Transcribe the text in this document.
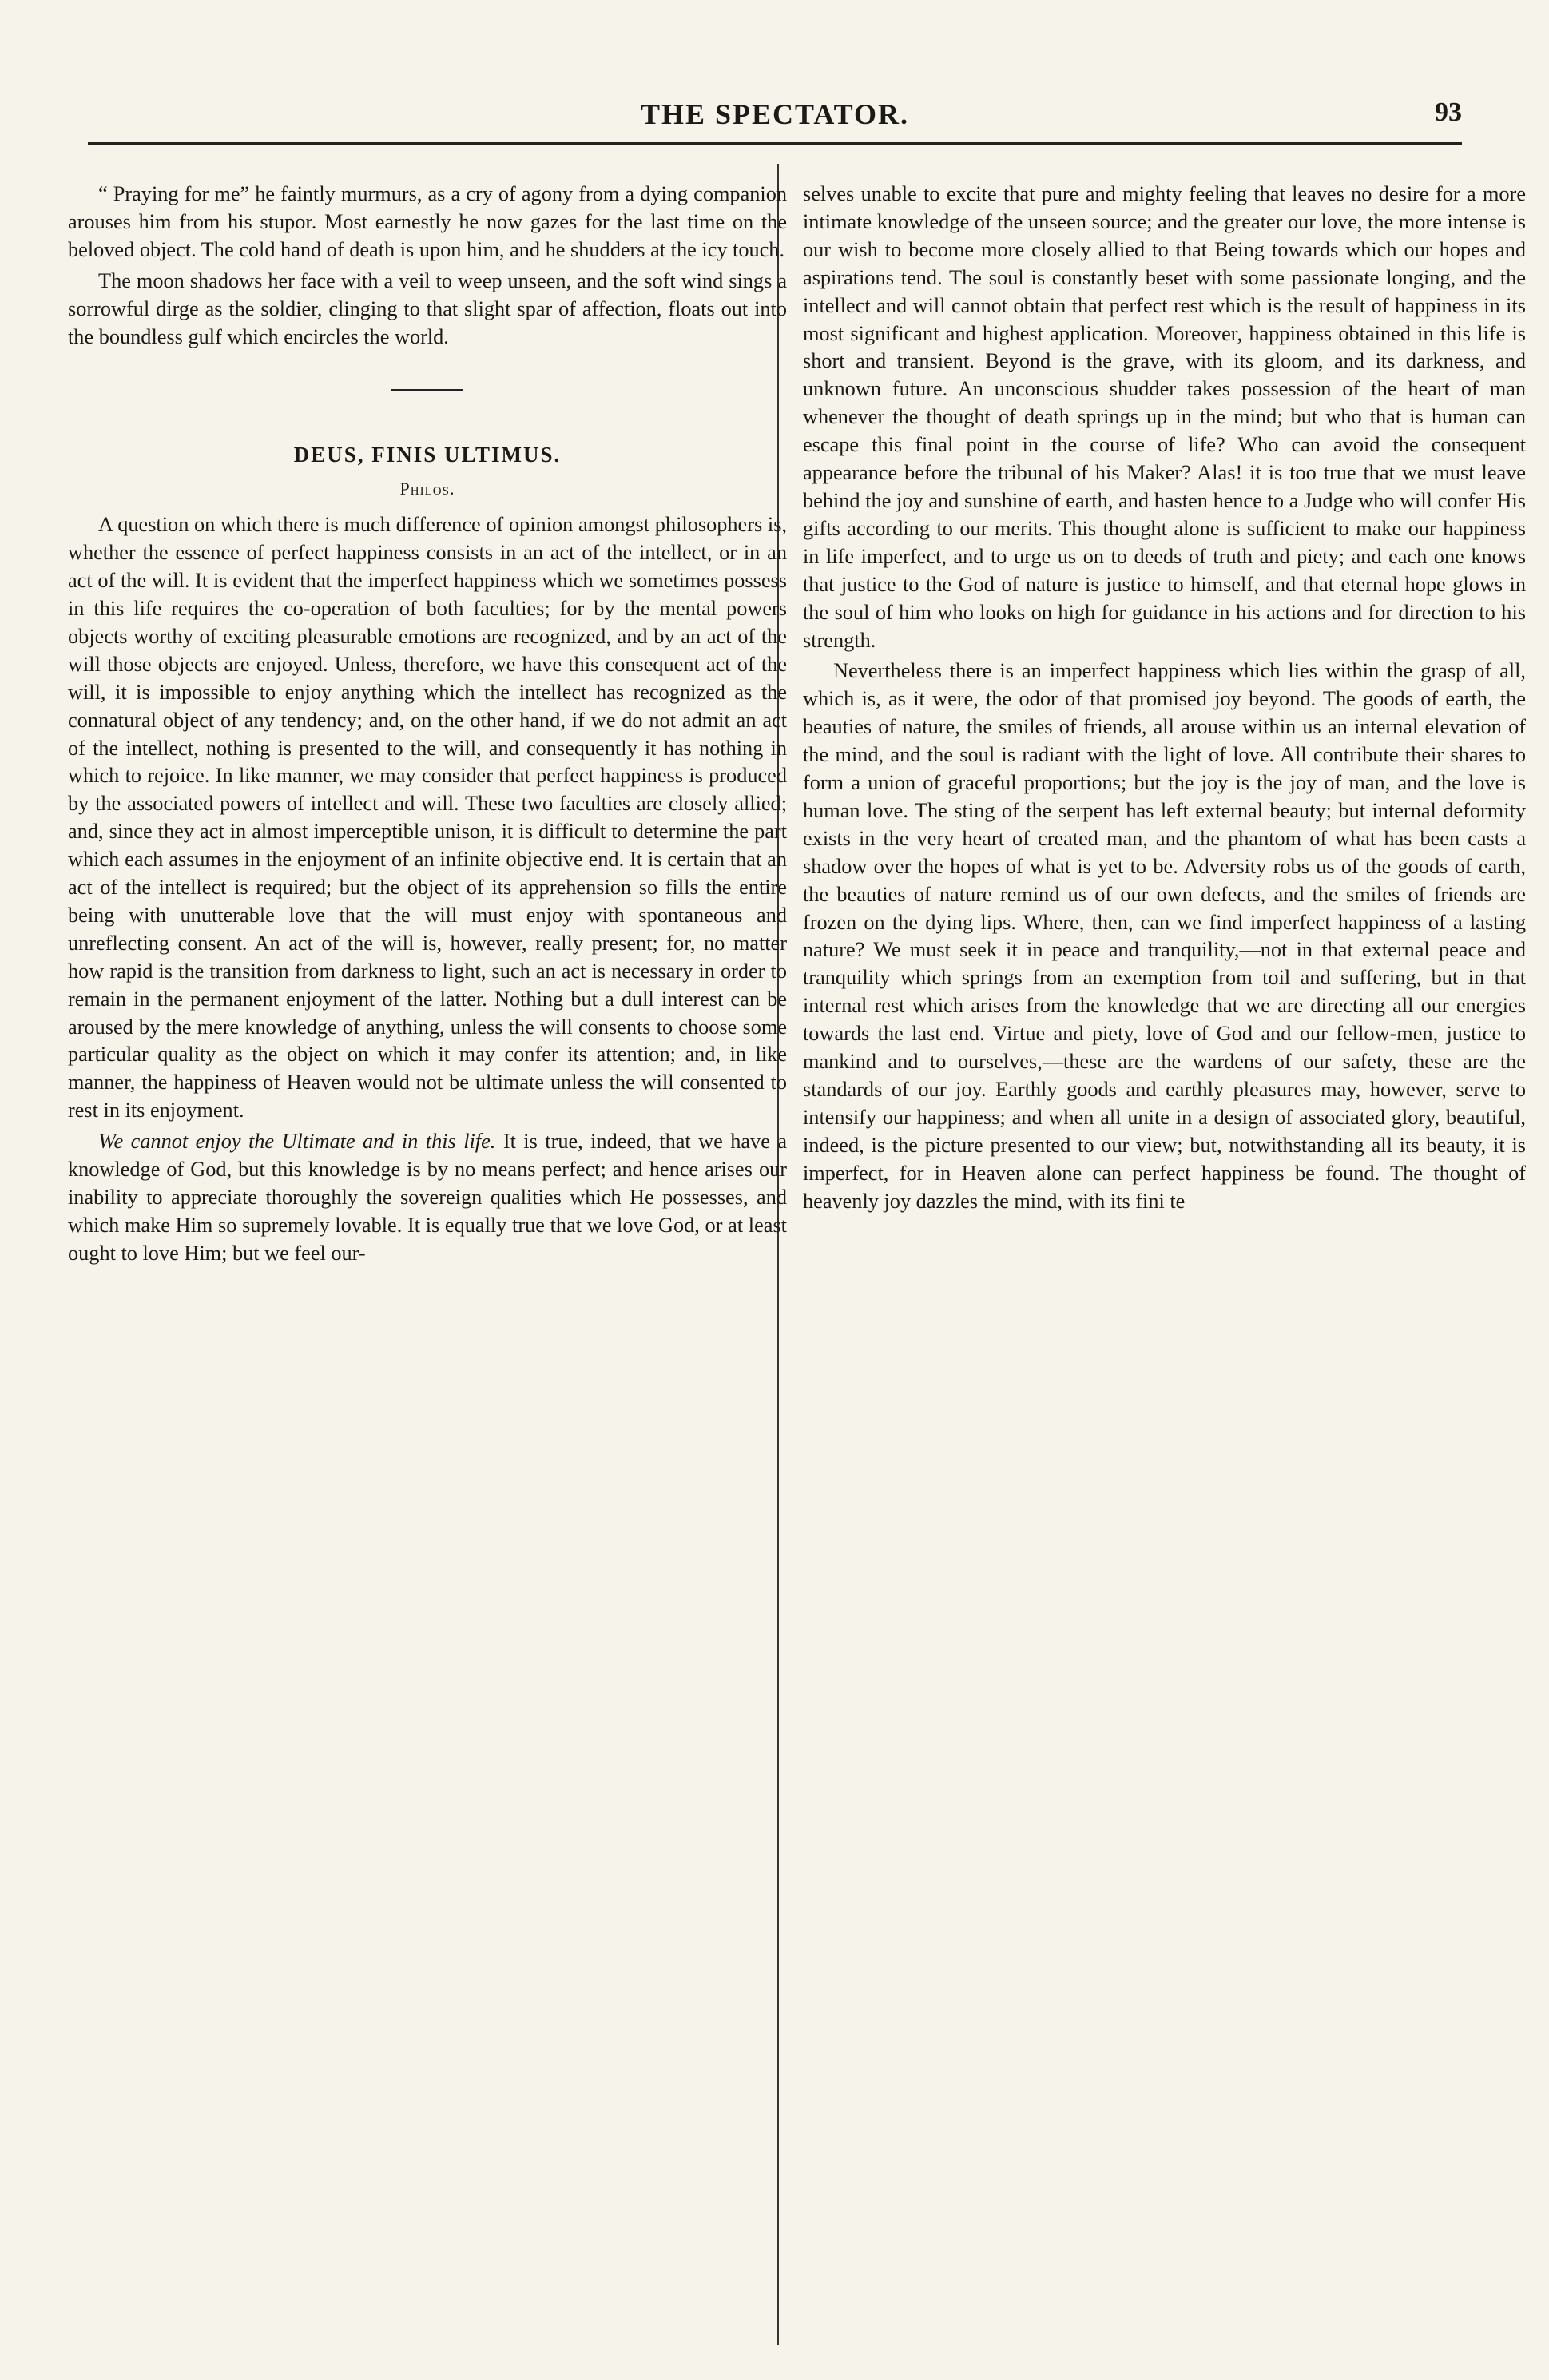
THE SPECTATOR.	93

“ Praying for me” he faintly murmurs, as a cry of agony from a dying companion arouses him from his stupor. Most earnestly he now gazes for the last time on the beloved object. The cold hand of death is upon him, and he shudders at the icy touch.

The moon shadows her face with a veil to weep unseen, and the soft wind sings a sorrowful dirge as the soldier, clinging to that slight spar of affection, floats out into the boundless gulf which encircles the world.

DEUS, FINIS ULTIMUS.
Philos.

A question on which there is much difference of opinion amongst philosophers is, whether the essence of perfect happiness consists in an act of the intellect, or in an act of the will. It is evident that the imperfect happiness which we sometimes possess in this life requires the co-operation of both faculties; for by the mental powers objects worthy of exciting pleasurable emotions are recognized, and by an act of the will those objects are enjoyed. Unless, therefore, we have this consequent act of the will, it is impossible to enjoy anything which the intellect has recognized as the connatural object of any tendency; and, on the other hand, if we do not admit an act of the intellect, nothing is presented to the will, and consequently it has nothing in which to rejoice. In like manner, we may consider that perfect happiness is produced by the associated powers of intellect and will. These two faculties are closely allied; and, since they act in almost imperceptible unison, it is difficult to determine the part which each assumes in the enjoyment of an infinite objective end. It is certain that an act of the intellect is required; but the object of its apprehension so fills the entire being with unutterable love that the will must enjoy with spontaneous and unreflecting consent. An act of the will is, however, really present; for, no matter how rapid is the transition from darkness to light, such an act is necessary in order to remain in the permanent enjoyment of the latter. Nothing but a dull interest can be aroused by the mere knowledge of anything, unless the will consents to choose some particular quality as the object on which it may confer its attention; and, in like manner, the happiness of Heaven would not be ultimate unless the will consented to rest in its enjoyment.

We cannot enjoy the Ultimate and in this life. It is true, indeed, that we have a knowledge of God, but this knowledge is by no means perfect; and hence arises our inability to appreciate thoroughly the sovereign qualities which He possesses, and which make Him so supremely lovable. It is equally true that we love God, or at least ought to love Him; but we feel our-

selves unable to excite that pure and mighty feeling that leaves no desire for a more intimate knowledge of the unseen source; and the greater our love, the more intense is our wish to become more closely allied to that Being towards which our hopes and aspirations tend. The soul is constantly beset with some passionate longing, and the intellect and will cannot obtain that perfect rest which is the result of happiness in its most significant and highest application. Moreover, happiness obtained in this life is short and transient. Beyond is the grave, with its gloom, and its darkness, and unknown future. An unconscious shudder takes possession of the heart of man whenever the thought of death springs up in the mind; but who that is human can escape this final point in the course of life? Who can avoid the consequent appearance before the tribunal of his Maker? Alas! it is too true that we must leave behind the joy and sunshine of earth, and hasten hence to a Judge who will confer His gifts according to our merits. This thought alone is sufficient to make our happiness in life imperfect, and to urge us on to deeds of truth and piety; and each one knows that justice to the God of nature is justice to himself, and that eternal hope glows in the soul of him who looks on high for guidance in his actions and for direction to his strength.

Nevertheless there is an imperfect happiness which lies within the grasp of all, which is, as it were, the odor of that promised joy beyond. The goods of earth, the beauties of nature, the smiles of friends, all arouse within us an internal elevation of the mind, and the soul is radiant with the light of love. All contribute their shares to form a union of graceful proportions; but the joy is the joy of man, and the love is human love. The sting of the serpent has left external beauty; but internal deformity exists in the very heart of created man, and the phantom of what has been casts a shadow over the hopes of what is yet to be. Adversity robs us of the goods of earth, the beauties of nature remind us of our own defects, and the smiles of friends are frozen on the dying lips. Where, then, can we find imperfect happiness of a lasting nature? We must seek it in peace and tranquility,—not in that external peace and tranquility which springs from an exemption from toil and suffering, but in that internal rest which arises from the knowledge that we are directing all our energies towards the last end. Virtue and piety, love of God and our fellow-men, justice to mankind and to ourselves,—these are the wardens of our safety, these are the standards of our joy. Earthly goods and earthly pleasures may, however, serve to intensify our happiness; and when all unite in a design of associated glory, beautiful, indeed, is the picture presented to our view; but, notwithstanding all its beauty, it is imperfect, for in Heaven alone can perfect happiness be found. The thought of heavenly joy dazzles the mind, with its fini te
